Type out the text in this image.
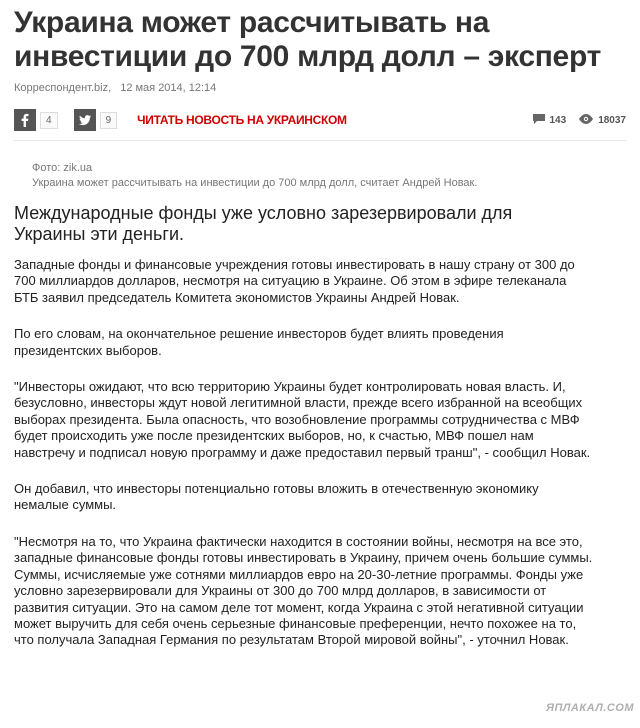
Украина может рассчитывать на инвестиции до 700 млрд долл – эксперт
Корреспондент.biz, 12 мая 2014, 12:14
4	9	ЧИТАТЬ НОВОСТЬ НА УКРАИНСКОМ	143	18037
Фото: zik.ua
Украина может рассчитывать на инвестиции до 700 млрд долл, считает Андрей Новак.
Международные фонды уже условно зарезервировали для Украины эти деньги.

Западные фонды и финансовые учреждения готовы инвестировать в нашу страну от 300 до 700 миллиардов долларов, несмотря на ситуацию в Украине. Об этом в эфире телеканала БТБ заявил председатель Комитета экономистов Украины Андрей Новак.

По его словам, на окончательное решение инвесторов будет влиять проведения президентских выборов.

"Инвесторы ожидают, что всю территорию Украины будет контролировать новая власть. И, безусловно, инвесторы ждут новой легитимной власти, прежде всего избранной на всеобщих выборах президента. Была опасность, что возобновление программы сотрудничества с МВФ будет происходить уже после президентских выборов, но, к счастью, МВФ пошел нам навстречу и подписал новую программу и даже предоставил первый транш", - сообщил Новак.

Он добавил, что инвесторы потенциально готовы вложить в отечественную экономику немалые суммы.

"Несмотря на то, что Украина фактически находится в состоянии войны, несмотря на все это, западные финансовые фонды готовы инвестировать в Украину, причем очень большие суммы. Суммы, исчисляемые уже сотнями миллиардов евро на 20-30-летние программы. Фонды уже условно зарезервировали для Украины от 300 до 700 млрд долларов, в зависимости от развития ситуации. Это на самом деле тот момент, когда Украина с этой негативной ситуации может выручить для себя очень серьезные финансовые преференции, нечто похожее на то, что получала Западная Германия по результатам Второй мировой войны", - уточнил Новак.

ЯПЛАКАЛ.COM
